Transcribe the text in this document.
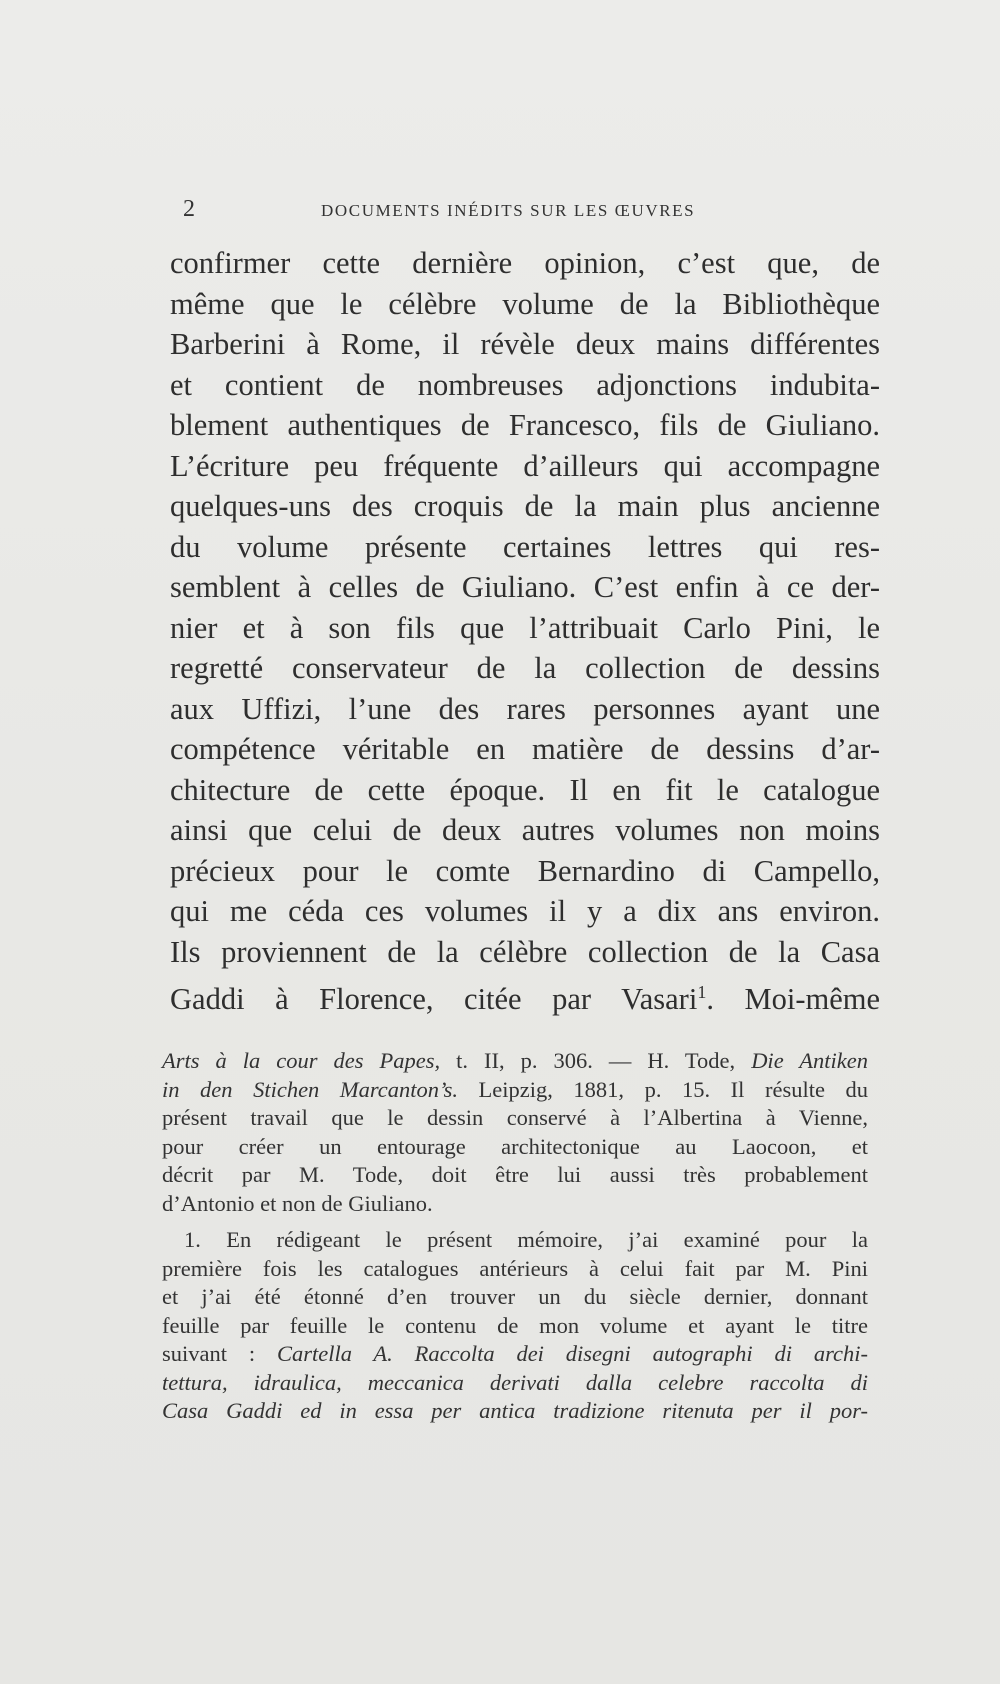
2	DOCUMENTS INÉDITS SUR LES ŒUVRES
confirmer cette dernière opinion, c’est que, de
même que le célèbre volume de la Bibliothèque
Barberini à Rome, il révèle deux mains différentes
et contient de nombreuses adjonctions indubita-
blement authentiques de Francesco, fils de Giuliano.
L’écriture peu fréquente d’ailleurs qui accompagne
quelques-uns des croquis de la main plus ancienne
du volume présente certaines lettres qui res-
semblent à celles de Giuliano. C’est enfin à ce der-
nier et à son fils que l’attribuait Carlo Pini, le
regretté conservateur de la collection de dessins
aux Uffizi, l’une des rares personnes ayant une
compétence véritable en matière de dessins d’ar-
chitecture de cette époque. Il en fit le catalogue
ainsi que celui de deux autres volumes non moins
précieux pour le comte Bernardino di Campello,
qui me céda ces volumes il y a dix ans environ.
Ils proviennent de la célèbre collection de la Casa
Gaddi à Florence, citée par Vasari$^1$. Moi-même
Arts à la cour des Papes, t. II, p. 306. — H. Tode, Die Antiken
in den Stichen Marcanton’s. Leipzig, 1881, p. 15. Il résulte du
présent travail que le dessin conservé à l’Albertina à Vienne,
pour créer un entourage architectonique au Laocoon, et
décrit par M. Tode, doit être lui aussi très probablement
d’Antonio et non de Giuliano.
1. En rédigeant le présent mémoire, j’ai examiné pour la
première fois les catalogues antérieurs à celui fait par M. Pini
et j’ai été étonné d’en trouver un du siècle dernier, donnant
feuille par feuille le contenu de mon volume et ayant le titre
suivant : Cartella A. Raccolta dei disegni autographi di archi-
tettura, idraulica, meccanica derivati dalla celebre raccolta di
Casa Gaddi ed in essa per antica tradizione ritenuta per il por-
